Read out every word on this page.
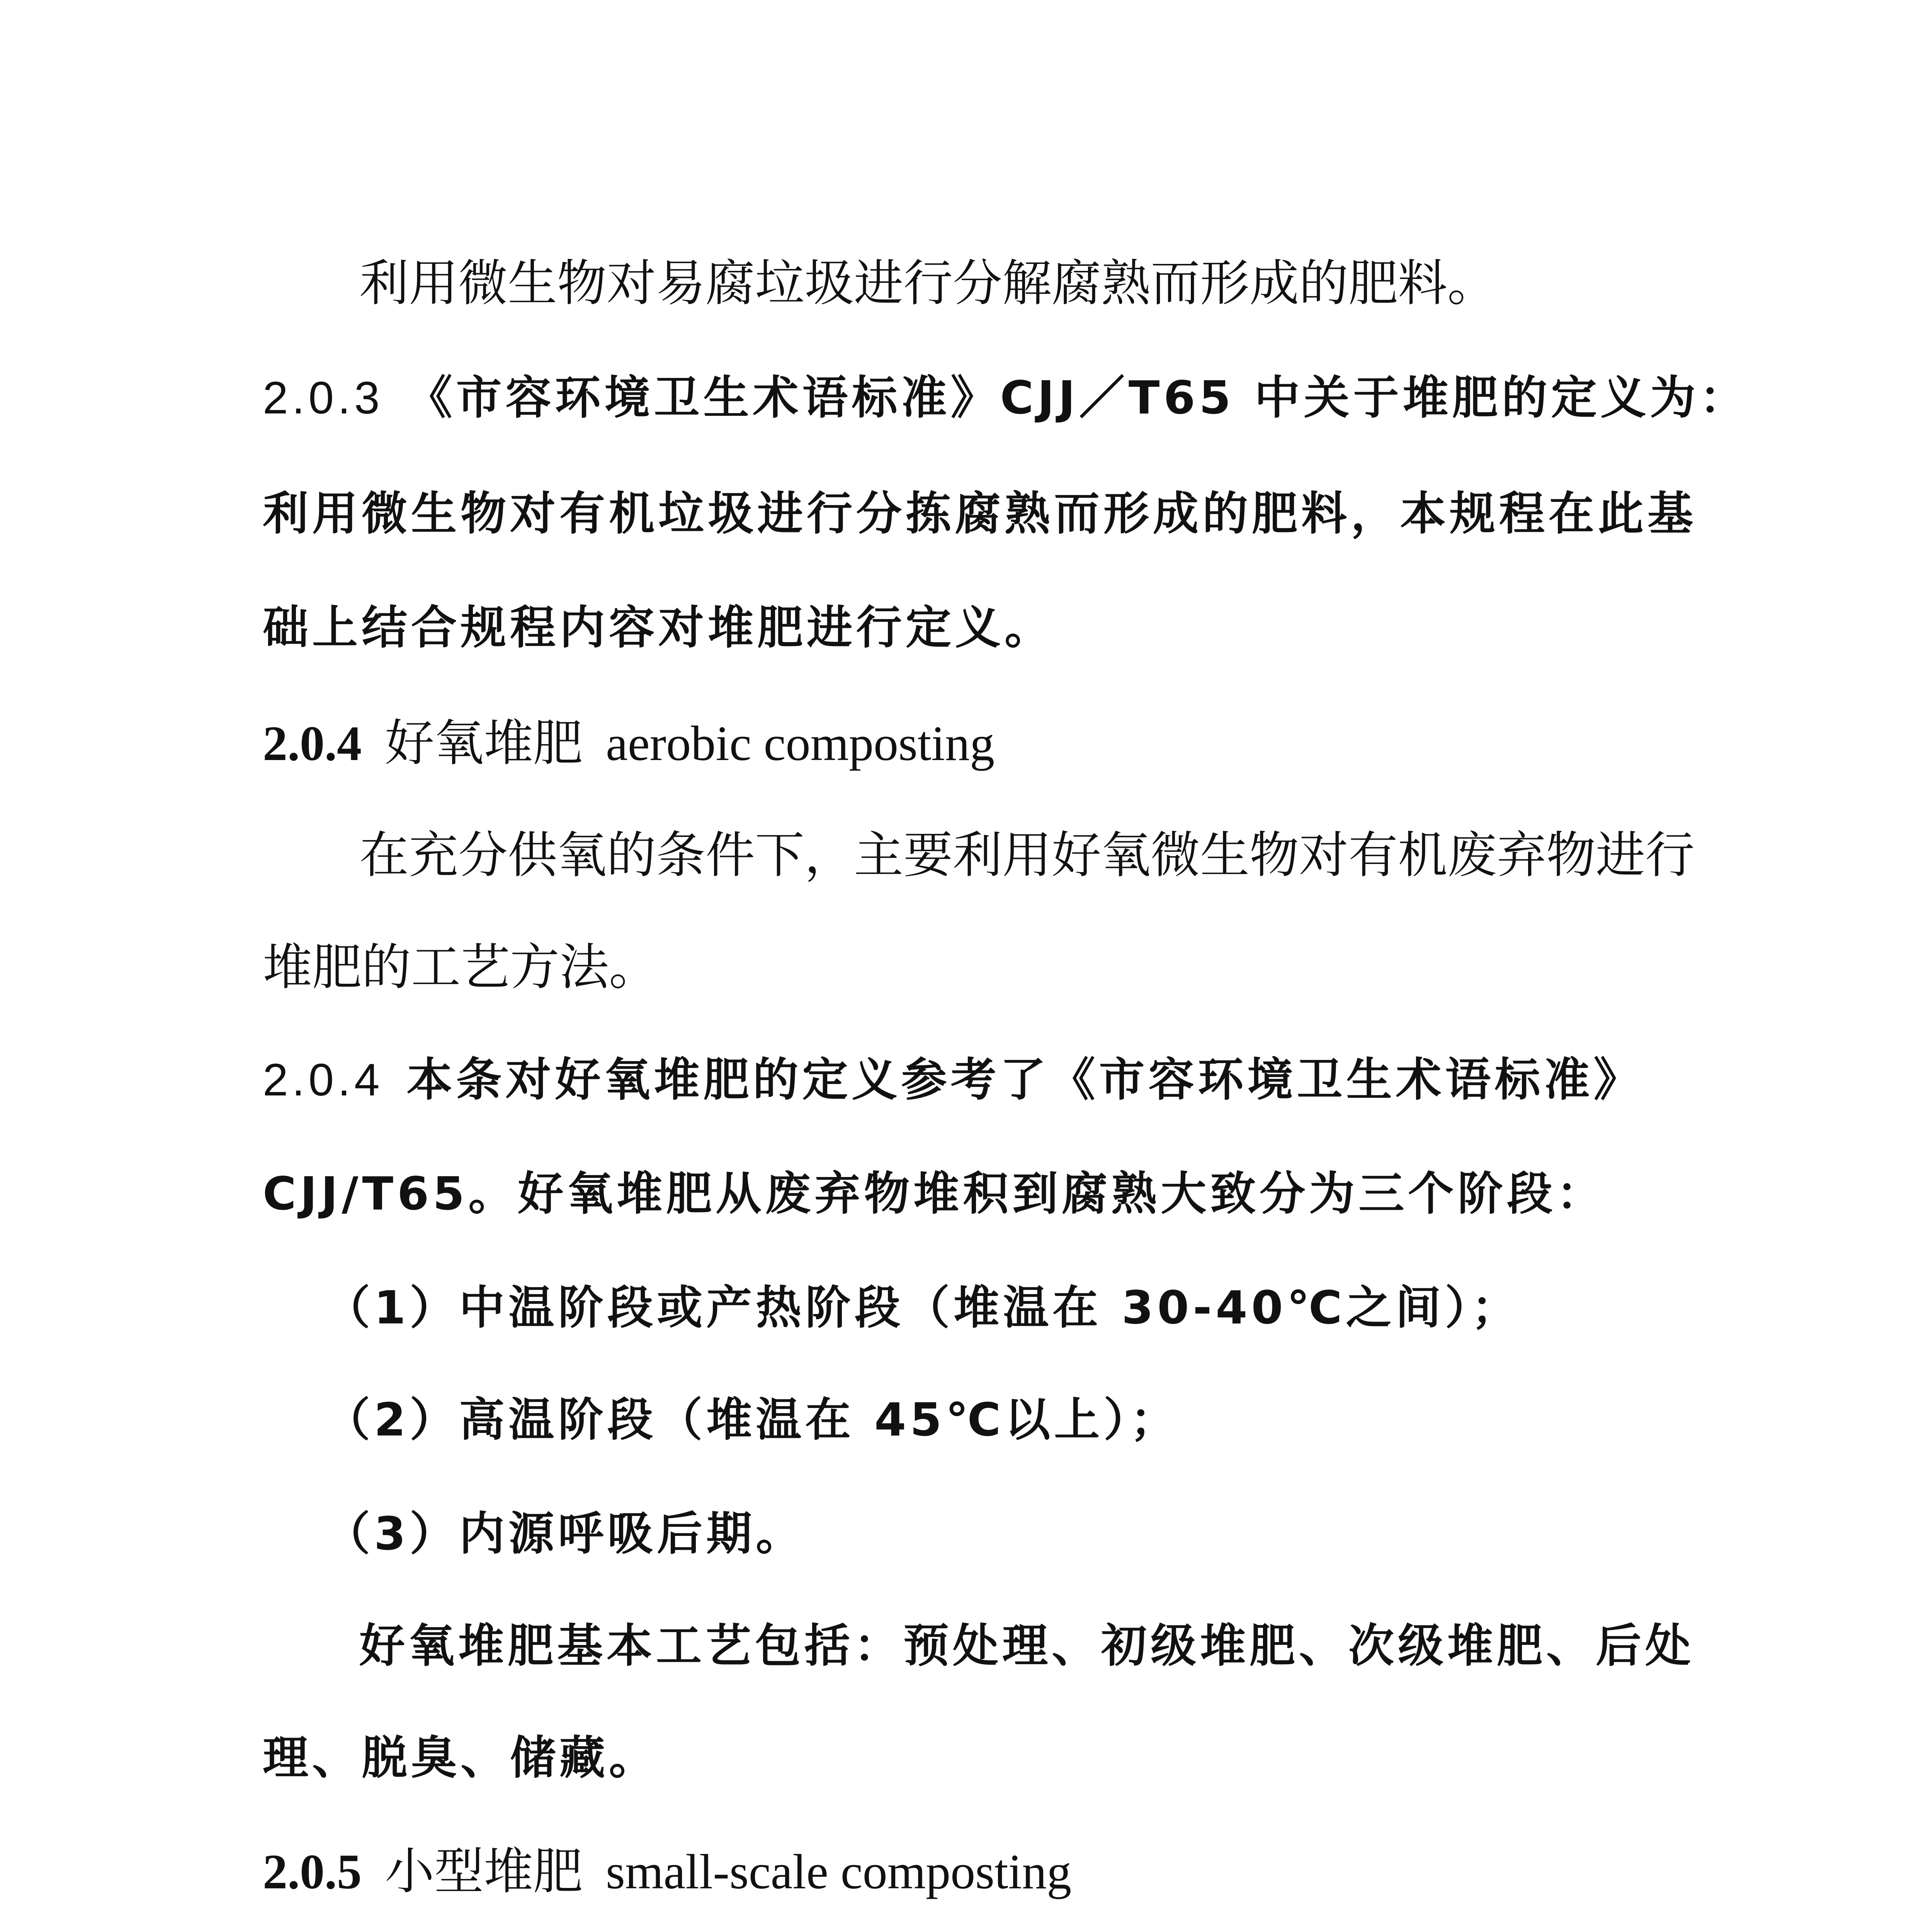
利用微生物对易腐垃圾进行分解腐熟而形成的肥料。
2.0.3 《市容环境卫生术语标准》CJJ／T65 中关于堆肥的定义为：
利用微生物对有机垃圾进行分拣腐熟而形成的肥料，本规程在此基
础上结合规程内容对堆肥进行定义。
2.0.4 好氧堆肥 aerobic composting
在充分供氧的条件下，主要利用好氧微生物对有机废弃物进行
堆肥的工艺方法。
2.0.4 本条对好氧堆肥的定义参考了《市容环境卫生术语标准》
CJJ/T65。好氧堆肥从废弃物堆积到腐熟大致分为三个阶段：
（1）中温阶段或产热阶段（堆温在 30-40℃之间）；
（2）高温阶段（堆温在 45℃以上）；
（3）内源呼吸后期。
好氧堆肥基本工艺包括：预处理、初级堆肥、次级堆肥、后处
理、脱臭、储藏。
2.0.5 小型堆肥 small-scale composting
